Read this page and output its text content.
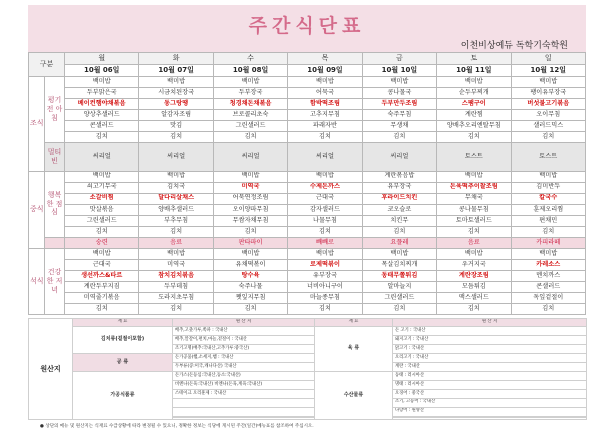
주간식단표
이천비상예듀 독학기숙학원
구분		월	화	수	목	금	토	일
		10월 06일	10월 07일	10월 08일	10월 09일	10월 10일	10월 11일	10월 12일
조식	평기 전 아침	백미밥	백미밥	백미밥	백미밥	백미밥	백미밥	백미밥
		두부맑은국	시금치된장국	두부장국	어묵국	콩나물국	순두부찌개	팽이유부장국
		베이컨햄야채볶음	동그랑땡	청경채돈채볶음	함박떡조림	두부만두조림	스팸구이	버섯불고기볶음
		양상추샐러드	알감자조림	브로콜리초숙	고추지무침	숙주무침	계란찜	오이무침
		콘샐러드	맛김	그린샐러드	파래자반	무생채	양배추오리엔탈무침	샐러드믹스
		김치	김치	김치	김치	김치	김치	김치
	멀티빈	씨리얼	씨리얼	씨리얼	씨리얼	씨리얼	토스트	토스트
중식	행복 한 점심	백미밥	백미밥	백미밥	백미밥	계란볶음밥	백미밥	백미밥
		쇠고기무국	김치국	미역국	수제돈까스	유부장국	돈육떡추이찰조림	김미반두
		소갈비찜	달다리살채스	어묵연정조림	근대국	후라이드치킨	무채국	칼국수
		맛살볶음	양배추샐러드	오이양파무침	감자샐러드	코오슬로	콩나물무침	훈제오리찜
		그린샐러드	부추무침	무쌈자채무침	나물무침	치킨무	토마토샐러드	편채민
		김치	김치	김치	김치	김치	김치	김치
		숭련	음료	판타파이	빼빼로	요플레	음료	카피라떼
석식	건강 한 저녁	백미밥	백미밥	백미밥	백미밥	백미밥	백미밥	백미밥
		근대국	미역국	유채떡볶이	로제떡볶이	목살김치찌개	우거지국	카레소스
		생선까스&타르	참치김치볶음	탕수육	유부장국	동태무쫄튀김	계란장조림	멘치까스
		계란두부지짐	두부데침	숙주나물	너비아니구이	알마늘지	모듬튀김	콘샐러드
		미역줄기볶음	도라지초무침	쨋잎지무침	마늘종무침	그린샐러드	맥스샐러드	독잎겉절이
		김치	김치	김치	김치	김치	김치	김치
원산지	재 료	원 산 지	재 료	원 산 지
	김치류(겉절이포함)	배추,고춧가루,쪽파 : 국내산	육 류	돈 고기 : 국내산
		배추,알갈이,펀치,마늘,겉절이 : 국내산		돼지고기 : 국내산
		조기고명(배추:국내산,고추가루:중국산)		닭고기 : 국내산
	공 류	돈가공품(햄,소세지,햄 : 국내산		오리고기 : 국내산
		두부류(콩:미국,캐나다산) 국내산		계란 : 국내산
	가공식품류	돈가스(돈등심:국내산,동소:국내산)	수산물류	동태 : 러시아산
		비엔나(돈육:국내산) 비엔나(돈육,계육:국내산)		명태 : 러시아산
		스테이크 오리훈제 : 국내산		오징어 : 중국산
				조기, 고등어 : 국내산
				다랑어 : 원양산

● 상단의 메뉴 및 원산지는 식재료 수급상황에 따라 변경될 수 있으니, 정확한 정보는 식당에 게시된 주간(일간)메뉴표를 참조하여 주십시오.
